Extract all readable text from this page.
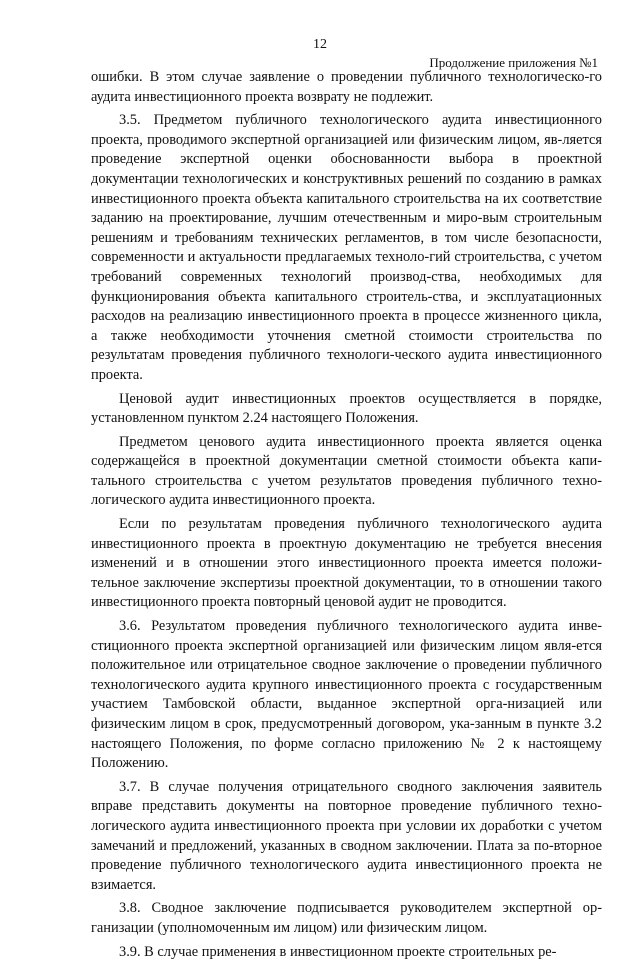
12
Продолжение приложения №1

ошибки. В этом случае заявление о проведении публичного технологическо-го аудита инвестиционного проекта возврату не подлежит.

3.5. Предметом публичного технологического аудита инвестиционного проекта, проводимого экспертной организацией или физическим лицом, яв-ляется проведение экспертной оценки обоснованности выбора в проектной документации технологических и конструктивных решений по созданию в рамках инвестиционного проекта объекта капитального строительства на их соответствие заданию на проектирование, лучшим отечественным и миро-вым строительным решениям и требованиям технических регламентов, в том числе безопасности, современности и актуальности предлагаемых техноло-гий строительства, с учетом требований современных технологий производ-ства, необходимых для функционирования объекта капитального строитель-ства, и эксплуатационных расходов на реализацию инвестиционного проекта в процессе жизненного цикла, а также необходимости уточнения сметной стоимости строительства по результатам проведения публичного технологи-ческого аудита инвестиционного проекта.

Ценовой аудит инвестиционных проектов осуществляется в порядке, установленном пунктом 2.24 настоящего Положения.

Предметом ценового аудита инвестиционного проекта является оценка содержащейся в проектной документации сметной стоимости объекта капи-тального строительства с учетом результатов проведения публичного техно-логического аудита инвестиционного проекта.

Если по результатам проведения публичного технологического аудита инвестиционного проекта в проектную документацию не требуется внесения изменений и в отношении этого инвестиционного проекта имеется положи-тельное заключение экспертизы проектной документации, то в отношении такого инвестиционного проекта повторный ценовой аудит не проводится.

3.6. Результатом проведения публичного технологического аудита инве-стиционного проекта экспертной организацией или физическим лицом явля-ется положительное или отрицательное сводное заключение о проведении публичного технологического аудита крупного инвестиционного проекта с государственным участием Тамбовской области, выданное экспертной орга-низацией или физическим лицом в срок, предусмотренный договором, ука-занным в пункте 3.2 настоящего Положения, по форме согласно приложению № 2 к настоящему Положению.

3.7. В случае получения отрицательного сводного заключения заявитель вправе представить документы на повторное проведение публичного техно-логического аудита инвестиционного проекта при условии их доработки с учетом замечаний и предложений, указанных в сводном заключении. Плата за по-вторное проведение публичного технологического аудита инвестиционного проекта не взимается.

3.8. Сводное заключение подписывается руководителем экспертной ор-ганизации (уполномоченным им лицом) или физическим лицом.

3.9. В случае применения в инвестиционном проекте строительных ре-
